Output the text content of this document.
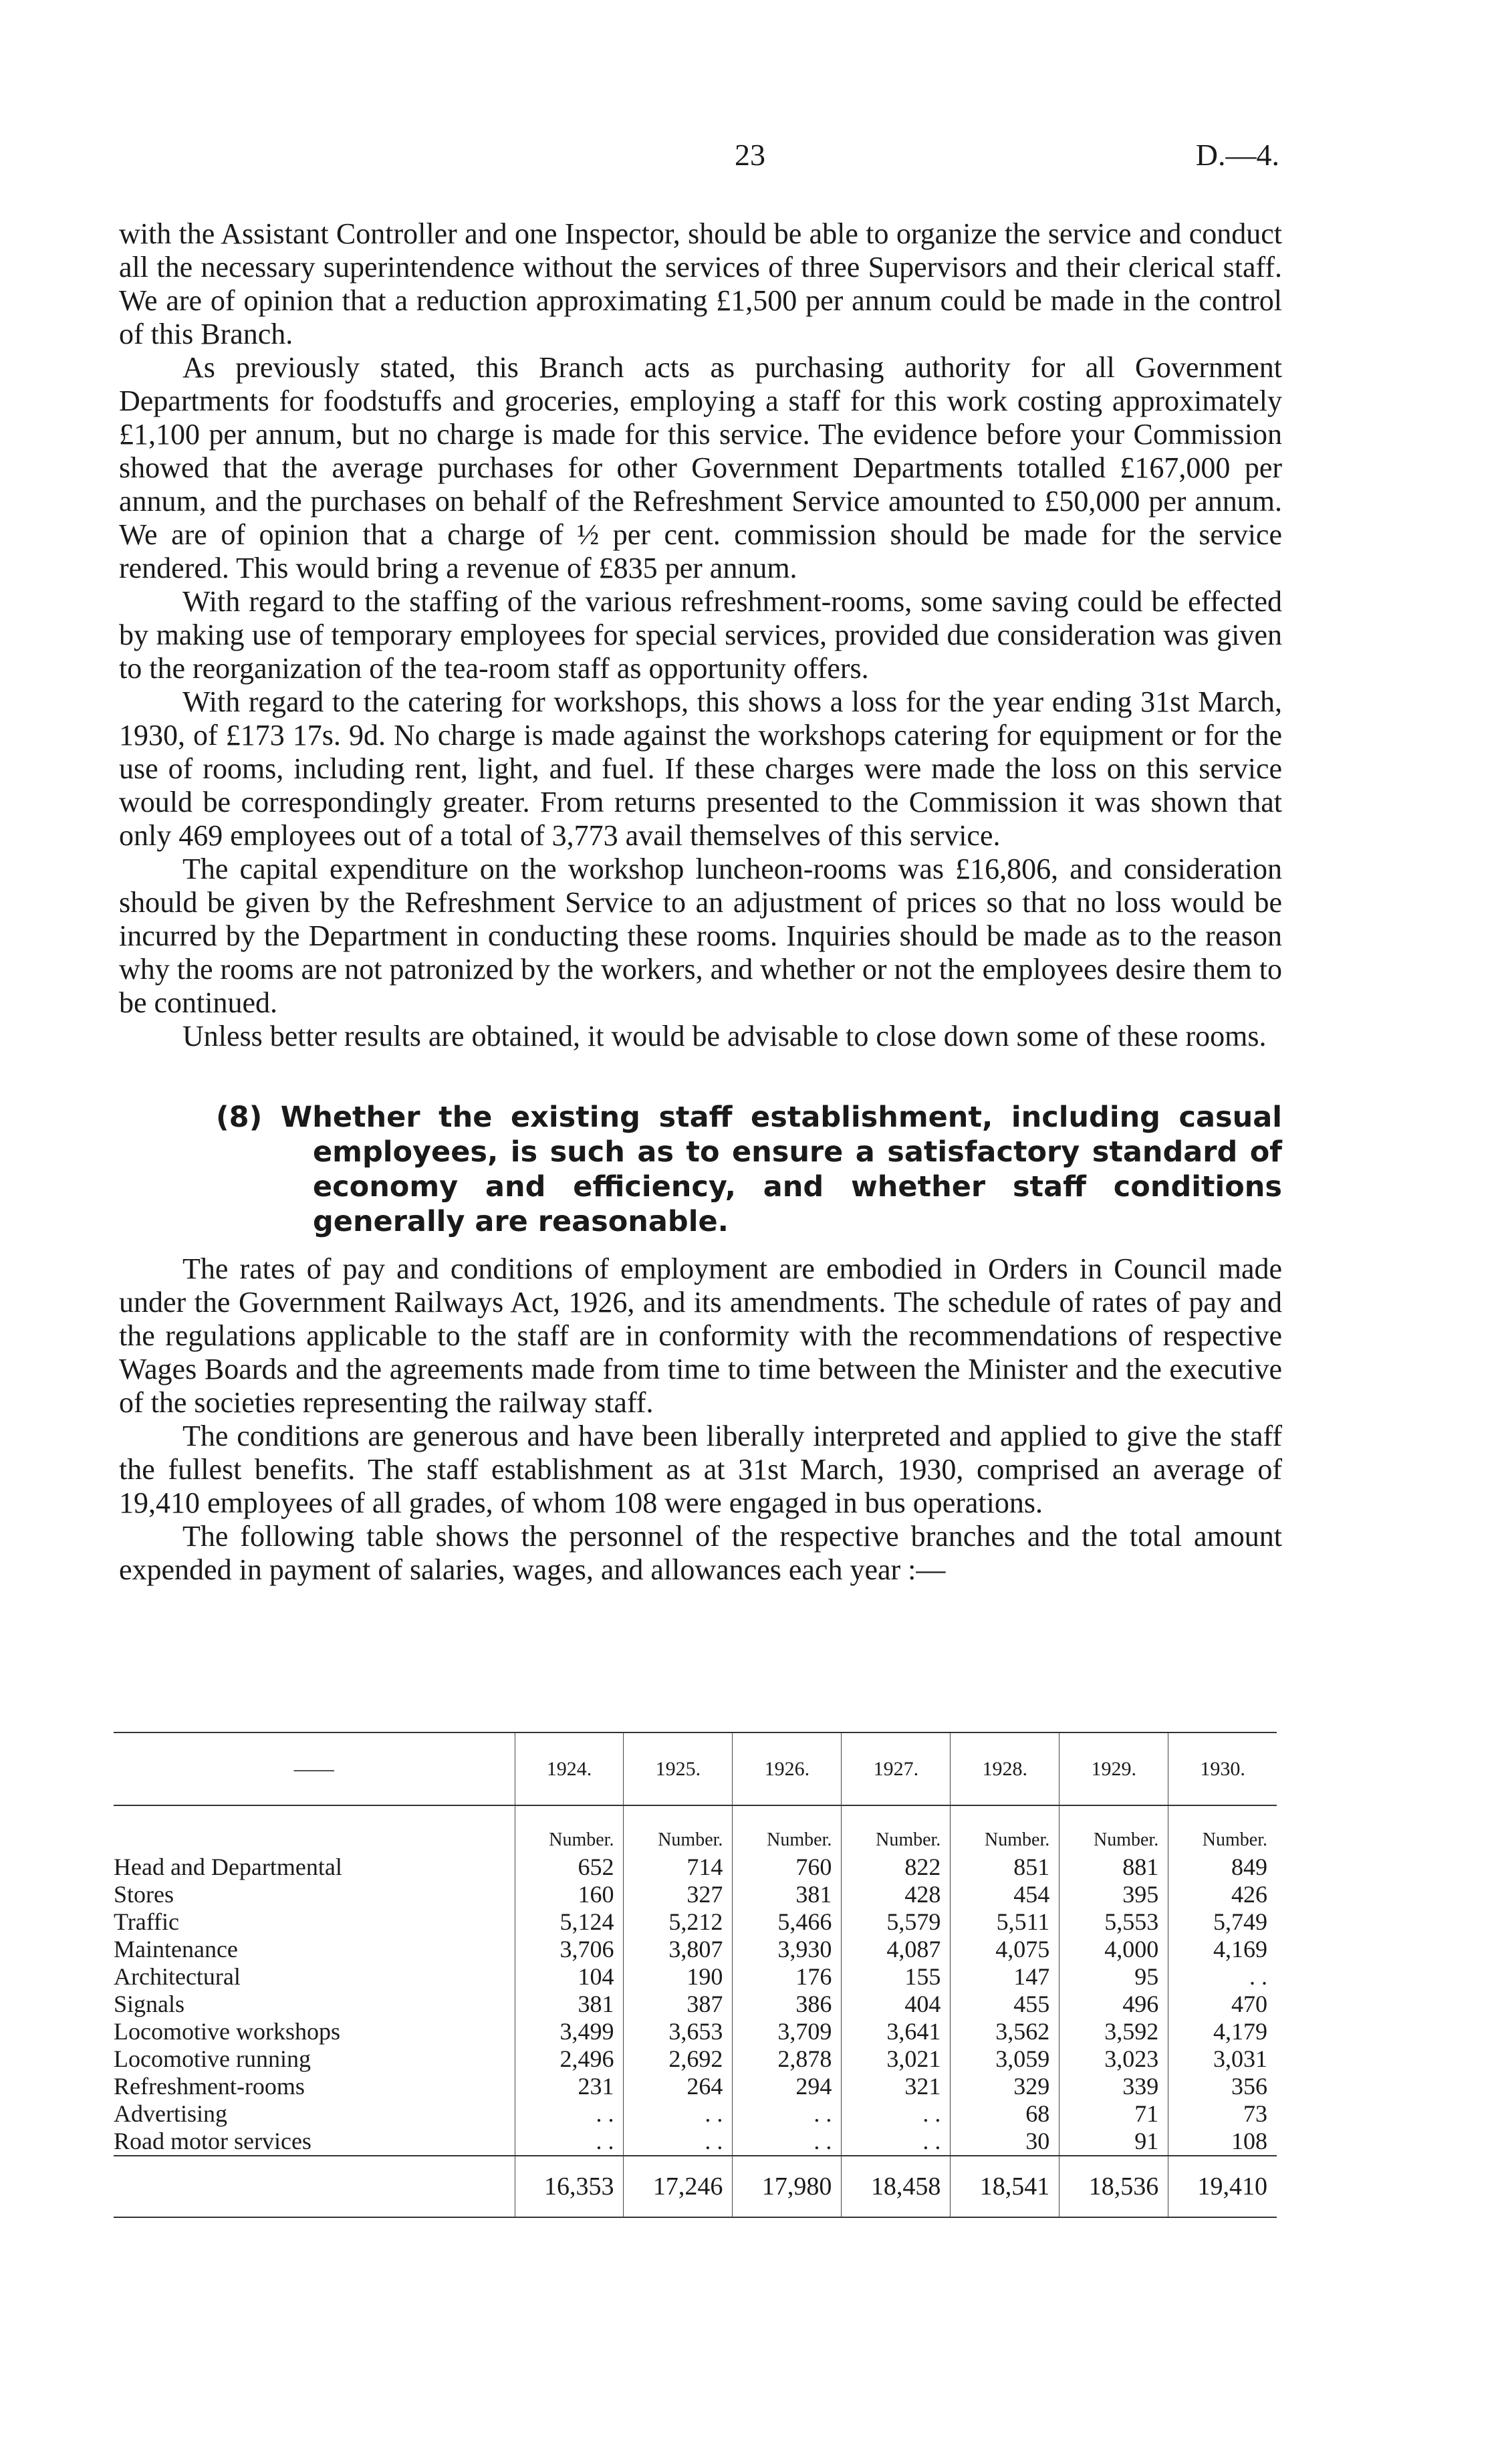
23	D.—4.

with the Assistant Controller and one Inspector, should be able to organize the service and conduct all the necessary superintendence without the services of three Supervisors and their clerical staff. We are of opinion that a reduction approximating £1,500 per annum could be made in the control of this Branch.

As previously stated, this Branch acts as purchasing authority for all Government Departments for foodstuffs and groceries, employing a staff for this work costing approximately £1,100 per annum, but no charge is made for this service. The evidence before your Commission showed that the average purchases for other Government Departments totalled £167,000 per annum, and the purchases on behalf of the Refreshment Service amounted to £50,000 per annum. We are of opinion that a charge of ½ per cent. commission should be made for the service rendered. This would bring a revenue of £835 per annum.

With regard to the staffing of the various refreshment-rooms, some saving could be effected by making use of temporary employees for special services, provided due consideration was given to the reorganization of the tea-room staff as opportunity offers.

With regard to the catering for workshops, this shows a loss for the year ending 31st March, 1930, of £173 17s. 9d. No charge is made against the workshops catering for equipment or for the use of rooms, including rent, light, and fuel. If these charges were made the loss on this service would be correspondingly greater. From returns presented to the Commission it was shown that only 469 employees out of a total of 3,773 avail themselves of this service.

The capital expenditure on the workshop luncheon-rooms was £16,806, and consideration should be given by the Refreshment Service to an adjustment of prices so that no loss would be incurred by the Department in conducting these rooms. Inquiries should be made as to the reason why the rooms are not patronized by the workers, and whether or not the employees desire them to be continued.

Unless better results are obtained, it would be advisable to close down some of these rooms.

(8) Whether the existing staff establishment, including casual employees, is such as to ensure a satisfactory standard of economy and efficiency, and whether staff conditions generally are reasonable.

The rates of pay and conditions of employment are embodied in Orders in Council made under the Government Railways Act, 1926, and its amendments. The schedule of rates of pay and the regulations applicable to the staff are in conformity with the recommendations of respective Wages Boards and the agreements made from time to time between the Minister and the executive of the societies representing the railway staff.

The conditions are generous and have been liberally interpreted and applied to give the staff the fullest benefits. The staff establishment as at 31st March, 1930, comprised an average of 19,410 employees of all grades, of whom 108 were engaged in bus operations.

The following table shows the personnel of the respective branches and the total amount expended in payment of salaries, wages, and allowances each year :—

——	1924.	1925.	1926.	1927.	1928.	1929.	1930.
	Number.	Number.	Number.	Number.	Number.	Number.	Number.
Head and Departmental	652	714	760	822	851	881	849
Stores	160	327	381	428	454	395	426
Traffic	5,124	5,212	5,466	5,579	5,511	5,553	5,749
Maintenance	3,706	3,807	3,930	4,087	4,075	4,000	4,169
Architectural	104	190	176	155	147	95	. .
Signals	381	387	386	404	455	496	470
Locomotive workshops	3,499	3,653	3,709	3,641	3,562	3,592	4,179
Locomotive running	2,496	2,692	2,878	3,021	3,059	3,023	3,031
Refreshment-rooms	231	264	294	321	329	339	356
Advertising	. .	. .	. .	. .	68	71	73
Road motor services	. .	. .	. .	. .	30	91	108
	16,353	17,246	17,980	18,458	18,541	18,536	19,410
